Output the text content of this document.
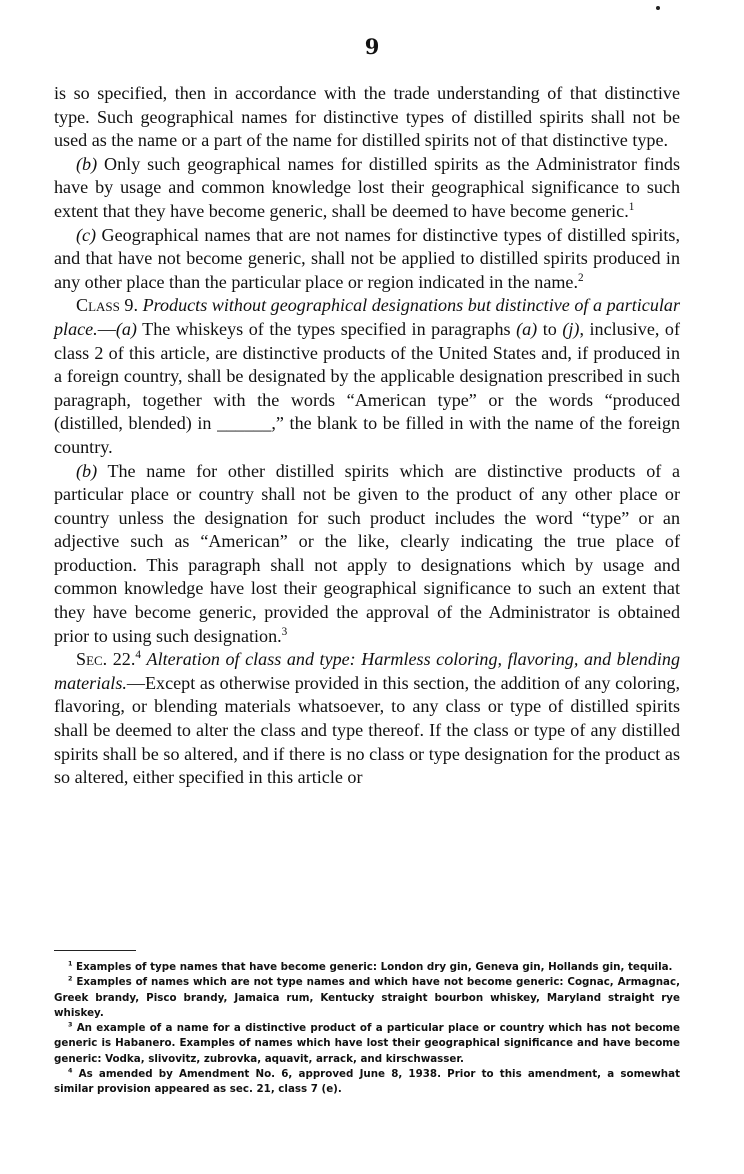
9

is so specified, then in accordance with the trade understanding of that distinctive type. Such geographical names for distinctive types of distilled spirits shall not be used as the name or a part of the name for distilled spirits not of that distinctive type.

(b) Only such geographical names for distilled spirits as the Administrator finds have by usage and common knowledge lost their geographical significance to such extent that they have become generic, shall be deemed to have become generic.$^1$

(c) Geographical names that are not names for distinctive types of distilled spirits, and that have not become generic, shall not be applied to distilled spirits produced in any other place than the particular place or region indicated in the name.$^2$

Class 9. Products without geographical designations but distinctive of a particular place.—(a) The whiskeys of the types specified in paragraphs (a) to (j), inclusive, of class 2 of this article, are distinctive products of the United States and, if produced in a foreign country, shall be designated by the applicable designation prescribed in such paragraph, together with the words “American type” or the words “produced (distilled, blended) in ______,” the blank to be filled in with the name of the foreign country.

(b) The name for other distilled spirits which are distinctive products of a particular place or country shall not be given to the product of any other place or country unless the designation for such product includes the word “type” or an adjective such as “American” or the like, clearly indicating the true place of production. This paragraph shall not apply to designations which by usage and common knowledge have lost their geographical significance to such an extent that they have become generic, provided the approval of the Administrator is obtained prior to using such designation.$^3$

Sec. 22.$^4$ Alteration of class and type: Harmless coloring, flavoring, and blending materials.—Except as otherwise provided in this section, the addition of any coloring, flavoring, or blending materials whatsoever, to any class or type of distilled spirits shall be deemed to alter the class and type thereof. If the class or type of any distilled spirits shall be so altered, and if there is no class or type designation for the product as so altered, either specified in this article or

$^1$ Examples of type names that have become generic: London dry gin, Geneva gin, Hollands gin, tequila.

$^2$ Examples of names which are not type names and which have not become generic: Cognac, Armagnac, Greek brandy, Pisco brandy, Jamaica rum, Kentucky straight bourbon whiskey, Maryland straight rye whiskey.

$^3$ An example of a name for a distinctive product of a particular place or country which has not become generic is Habanero. Examples of names which have lost their geographical significance and have become generic: Vodka, slivovitz, zubrovka, aquavit, arrack, and kirschwasser.

$^4$ As amended by Amendment No. 6, approved June 8, 1938. Prior to this amendment, a somewhat similar provision appeared as sec. 21, class 7 (e).
